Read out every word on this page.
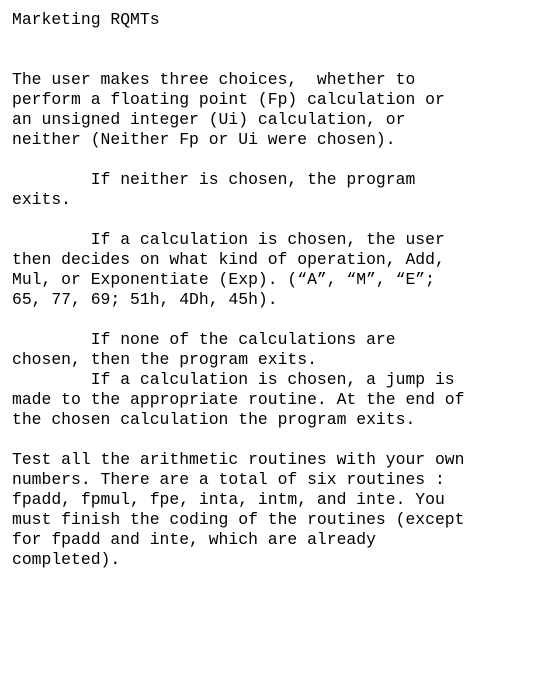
Marketing RQMTs
The user makes three choices,  whether to
perform a floating point (Fp) calculation or
an unsigned integer (Ui) calculation, or
neither (Neither Fp or Ui were chosen).
If neither is chosen, the program
exits.
If a calculation is chosen, the user
then decides on what kind of operation, Add,
Mul, or Exponentiate (Exp). (“A”, “M”, “E”;
65, 77, 69; 51h, 4Dh, 45h).
If none of the calculations are
chosen, then the program exits.
If a calculation is chosen, a jump is
made to the appropriate routine. At the end of
the chosen calculation the program exits.
Test all the arithmetic routines with your own
numbers. There are a total of six routines :
fpadd, fpmul, fpe, inta, intm, and inte. You
must finish the coding of the routines (except
for fpadd and inte, which are already
completed).
